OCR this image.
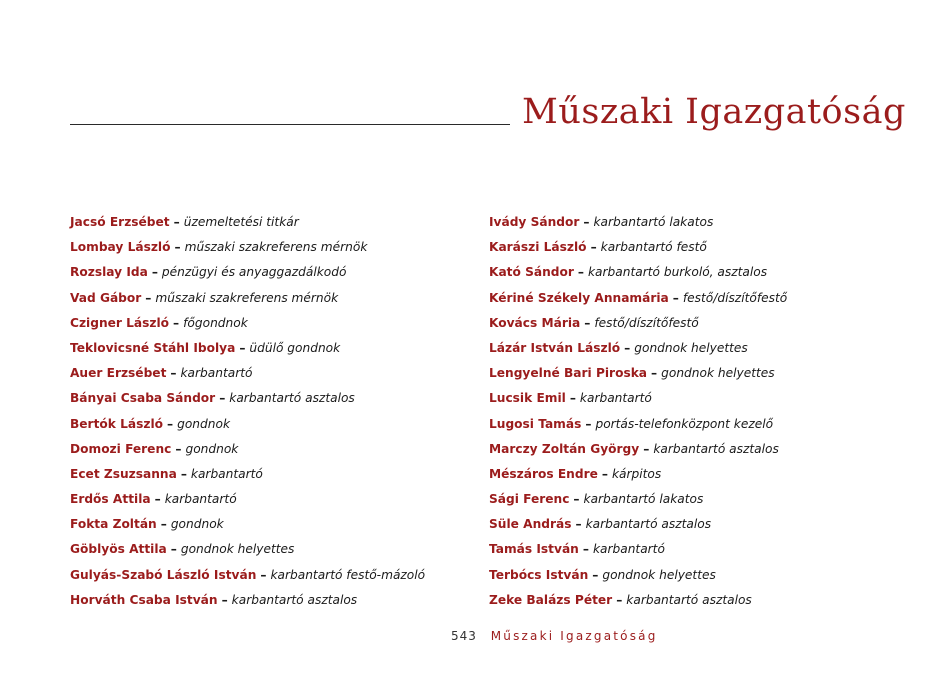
Műszaki Igazgatóság
Jacsó Erzsébet – üzemeltetési titkár
Lombay László – műszaki szakreferens mérnök
Rozslay Ida – pénzügyi és anyaggazdálkodó
Vad Gábor – műszaki szakreferens mérnök
Czigner László – főgondnok
Teklovicsné Stáhl Ibolya – üdülő gondnok
Auer Erzsébet – karbantartó
Bányai Csaba Sándor – karbantartó asztalos
Bertók László – gondnok
Domozi Ferenc – gondnok
Ecet Zsuzsanna – karbantartó
Erdős Attila – karbantartó
Fokta Zoltán – gondnok
Göblyös Attila – gondnok helyettes
Gulyás-Szabó László István – karbantartó festő-mázoló
Horváth Csaba István – karbantartó asztalos
Ivády Sándor – karbantartó lakatos
Karászi László – karbantartó festő
Kató Sándor – karbantartó burkoló, asztalos
Kériné Székely Annamária – festő/díszítőfestő
Kovács Mária – festő/díszítőfestő
Lázár István László – gondnok helyettes
Lengyelné Bari Piroska – gondnok helyettes
Lucsik Emil – karbantartó
Lugosi Tamás – portás-telefonközpont kezelő
Marczy Zoltán György – karbantartó asztalos
Mészáros Endre – kárpitos
Sági Ferenc – karbantartó lakatos
Süle András – karbantartó asztalos
Tamás István – karbantartó
Terbócs István – gondnok helyettes
Zeke Balázs Péter – karbantartó asztalos
543 Műszaki Igazgatóság
